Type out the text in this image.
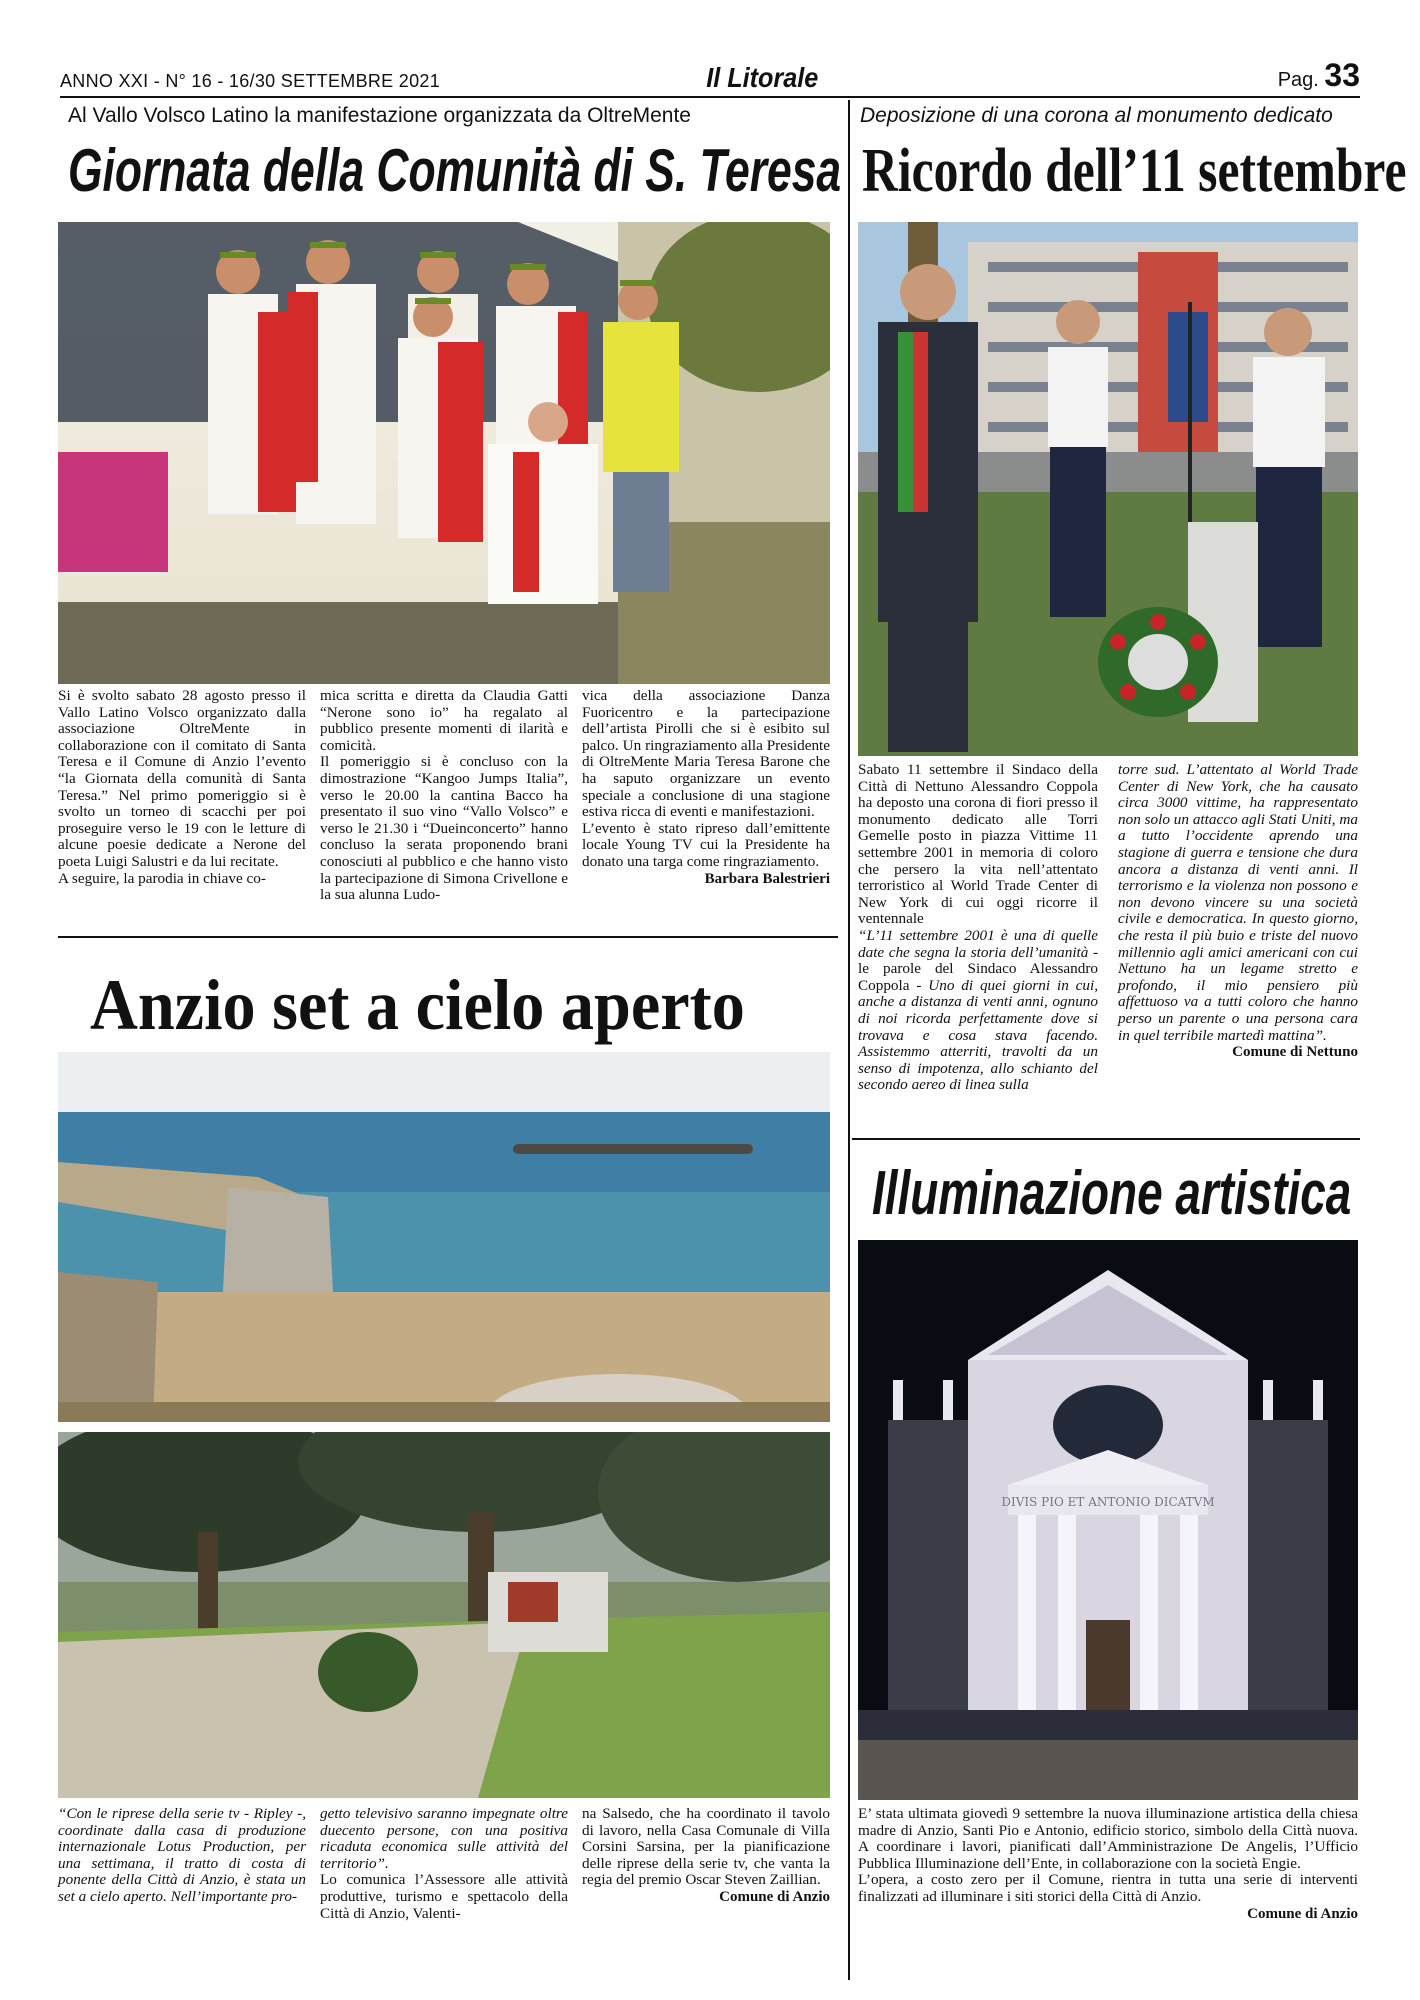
ANNO XXI - N° 16 - 16/30 SETTEMBRE 2021	Il Litorale	Pag. 33
Al Vallo Volsco Latino la manifestazione organizzata da OltreMente
Giornata della Comunità di S. Teresa

Si è svolto sabato 28 agosto presso il Vallo Latino Volsco organizzato dalla associazione OltreMente in collaborazione con il comitato di Santa Teresa e il Comune di Anzio l’evento “la Giornata della comunità di Santa Teresa.” Nel primo pomeriggio si è svolto un torneo di scacchi per poi proseguire verso le 19 con le letture di alcune poesie dedicate a Nerone del poeta Luigi Salustri e da lui recitate.

A seguire, la parodia in chiave co-

mica scritta e diretta da Claudia Gatti “Nerone sono io” ha regalato al pubblico presente momenti di ilarità e comicità.

Il pomeriggio si è concluso con la dimostrazione “Kangoo Jumps Italia”, verso le 20.00 la cantina Bacco ha presentato il suo vino “Vallo Volsco” e verso le 21.30 i “Dueinconcerto” hanno concluso la serata proponendo brani conosciuti al pubblico e che hanno visto la partecipazione di Simona Crivellone e la sua alunna Ludo-

vica della associazione Danza Fuoricentro e la partecipazione dell’artista Pirolli che si è esibito sul palco. Un ringraziamento alla Presidente di OltreMente Maria Teresa Barone che ha saputo organizzare un evento speciale a conclusione di una stagione estiva ricca di eventi e manifestazioni.

L’evento è stato ripreso dall’emittente locale Young TV cui la Presidente ha donato una targa come ringraziamento.

Barbara Balestrieri
Anzio set a cielo aperto

“Con le riprese della serie tv - Ripley -, coordinate dalla casa di produzione internazionale Lotus Production, per una settimana, il tratto di costa di ponente della Città di Anzio, è stata un set a cielo aperto. Nell’importante pro-

getto televisivo saranno impegnate oltre duecento persone, con una positiva ricaduta economica sulle attività del territorio”.

Lo comunica l’Assessore alle attività produttive, turismo e spettacolo della Città di Anzio, Valenti-

na Salsedo, che ha coordinato il tavolo di lavoro, nella Casa Comunale di Villa Corsini Sarsina, per la pianificazione delle riprese della serie tv, che vanta la regia del premio Oscar Steven Zaillian.

Comune di Anzio
Deposizione di una corona al monumento dedicato
Ricordo dell’11 settembre

Sabato 11 settembre il Sindaco della Città di Nettuno Alessandro Coppola ha deposto una corona di fiori presso il monumento dedicato alle Torri Gemelle posto in piazza Vittime 11 settembre 2001 in memoria di coloro che persero la vita nell’attentato terroristico al World Trade Center di New York di cui oggi ricorre il ventennale

“L’11 settembre 2001 è una di quelle date che segna la storia dell’umanità - le parole del Sindaco Alessandro Coppola - Uno di quei giorni in cui, anche a distanza di venti anni, ognuno di noi ricorda perfettamente dove si trovava e cosa stava facendo. Assistemmo atterriti, travolti da un senso di impotenza, allo schianto del secondo aereo di linea sulla

torre sud. L’attentato al World Trade Center di New York, che ha causato circa 3000 vittime, ha rappresentato non solo un attacco agli Stati Uniti, ma a tutto l’occidente aprendo una stagione di guerra e tensione che dura ancora a distanza di venti anni. Il terrorismo e la violenza non possono e non devono vincere su una società civile e democratica. In questo giorno, che resta il più buio e triste del nuovo millennio agli amici americani con cui Nettuno ha un legame stretto e profondo, il mio pensiero più affettuoso va a tutti coloro che hanno perso un parente o una persona cara in quel terribile martedì mattina”.

Comune di Nettuno
Illuminazione artistica
DIVIS PIO ET ANTONIO DICATVM

E’ stata ultimata giovedì 9 settembre la nuova illuminazione artistica della chiesa madre di Anzio, Santi Pio e Antonio, edificio storico, simbolo della Città nuova. A coordinare i lavori, pianificati dall’Amministrazione De Angelis, l’Ufficio Pubblica Illuminazione dell’Ente, in collaborazione con la società Engie.

L’opera, a costo zero per il Comune, rientra in tutta una serie di interventi finalizzati ad illuminare i siti storici della Città di Anzio.

Comune di Anzio
